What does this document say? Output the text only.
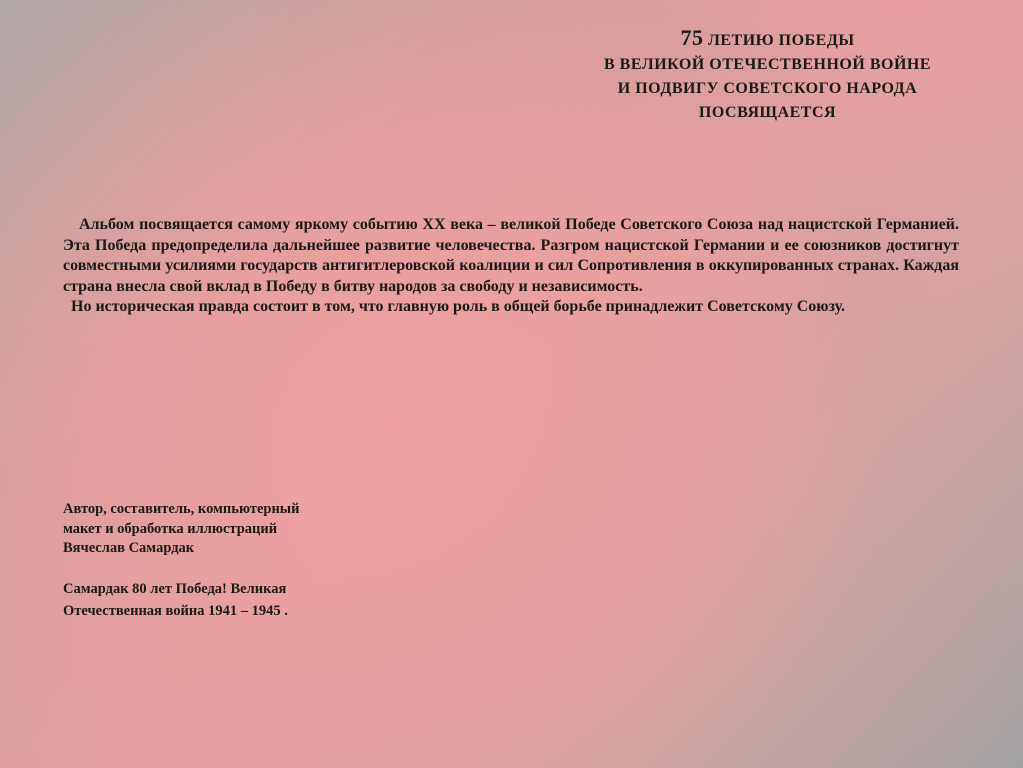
75 ЛЕТИЮ ПОБЕДЫ
В ВЕЛИКОЙ ОТЕЧЕСТВЕННОЙ ВОЙНЕ
И ПОДВИГУ СОВЕТСКОГО НАРОДА
ПОСВЯЩАЕТСЯ

Альбом посвящается самому яркому событию XX века – великой Победе Советского Союза над нацистской Германией. Эта Победа предопределила дальнейшее развитие человечества. Разгром нацистской Германии и ее союзников достигнут совместными усилиями государств антигитлеровской коалиции и сил Сопротивления в оккупированных странах. Каждая страна внесла свой вклад в Победу в битву народов за свободу и независимость.

Но историческая правда состоит в том, что главную роль в общей борьбе принадлежит Советскому Союзу.

Автор, составитель, компьютерный
макет и обработка иллюстраций
Вячеслав Самардак
Самардак 80 лет Победа! Великая
Отечественная война 1941 – 1945 .
